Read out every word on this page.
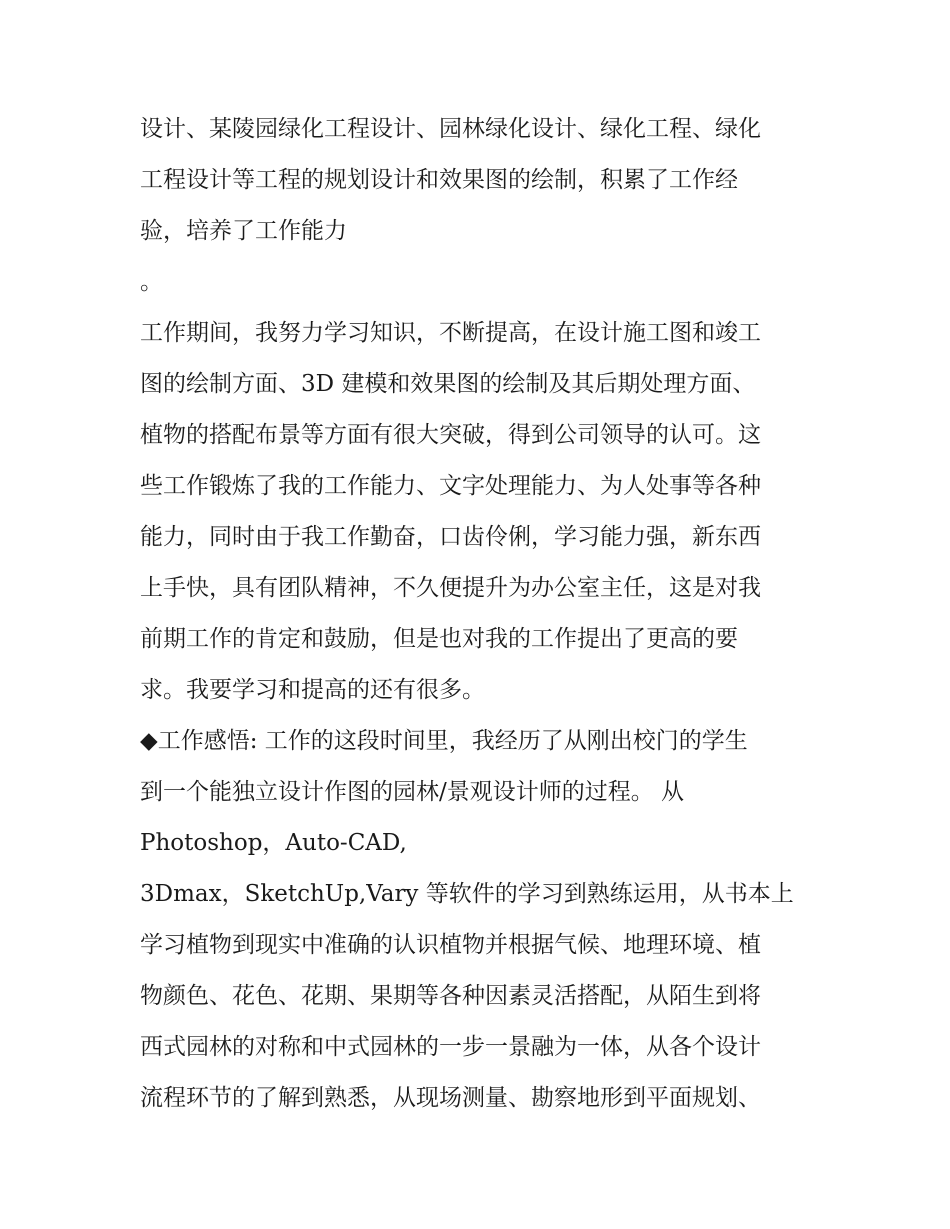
设计、某陵园绿化工程设计、园林绿化设计、绿化工程、绿化
工程设计等工程的规划设计和效果图的绘制，积累了工作经
验，培养了工作能力
。
工作期间，我努力学习知识，不断提高，在设计施工图和竣工
图的绘制方面、3D 建模和效果图的绘制及其后期处理方面、
植物的搭配布景等方面有很大突破，得到公司领导的认可。这
些工作锻炼了我的工作能力、文字处理能力、为人处事等各种
能力，同时由于我工作勤奋，口齿伶俐，学习能力强，新东西
上手快，具有团队精神，不久便提升为办公室主任，这是对我
前期工作的肯定和鼓励，但是也对我的工作提出了更高的要
求。我要学习和提高的还有很多。
◆工作感悟: 工作的这段时间里，我经历了从刚出校门的学生
到一个能独立设计作图的园林/景观设计师的过程。 从
Photoshop，Auto-CAD,
3Dmax，SketchUp,Vary 等软件的学习到熟练运用，从书本上
学习植物到现实中准确的认识植物并根据气候、地理环境、植
物颜色、花色、花期、果期等各种因素灵活搭配，从陌生到将
西式园林的对称和中式园林的一步一景融为一体，从各个设计
流程环节的了解到熟悉，从现场测量、勘察地形到平面规划、
